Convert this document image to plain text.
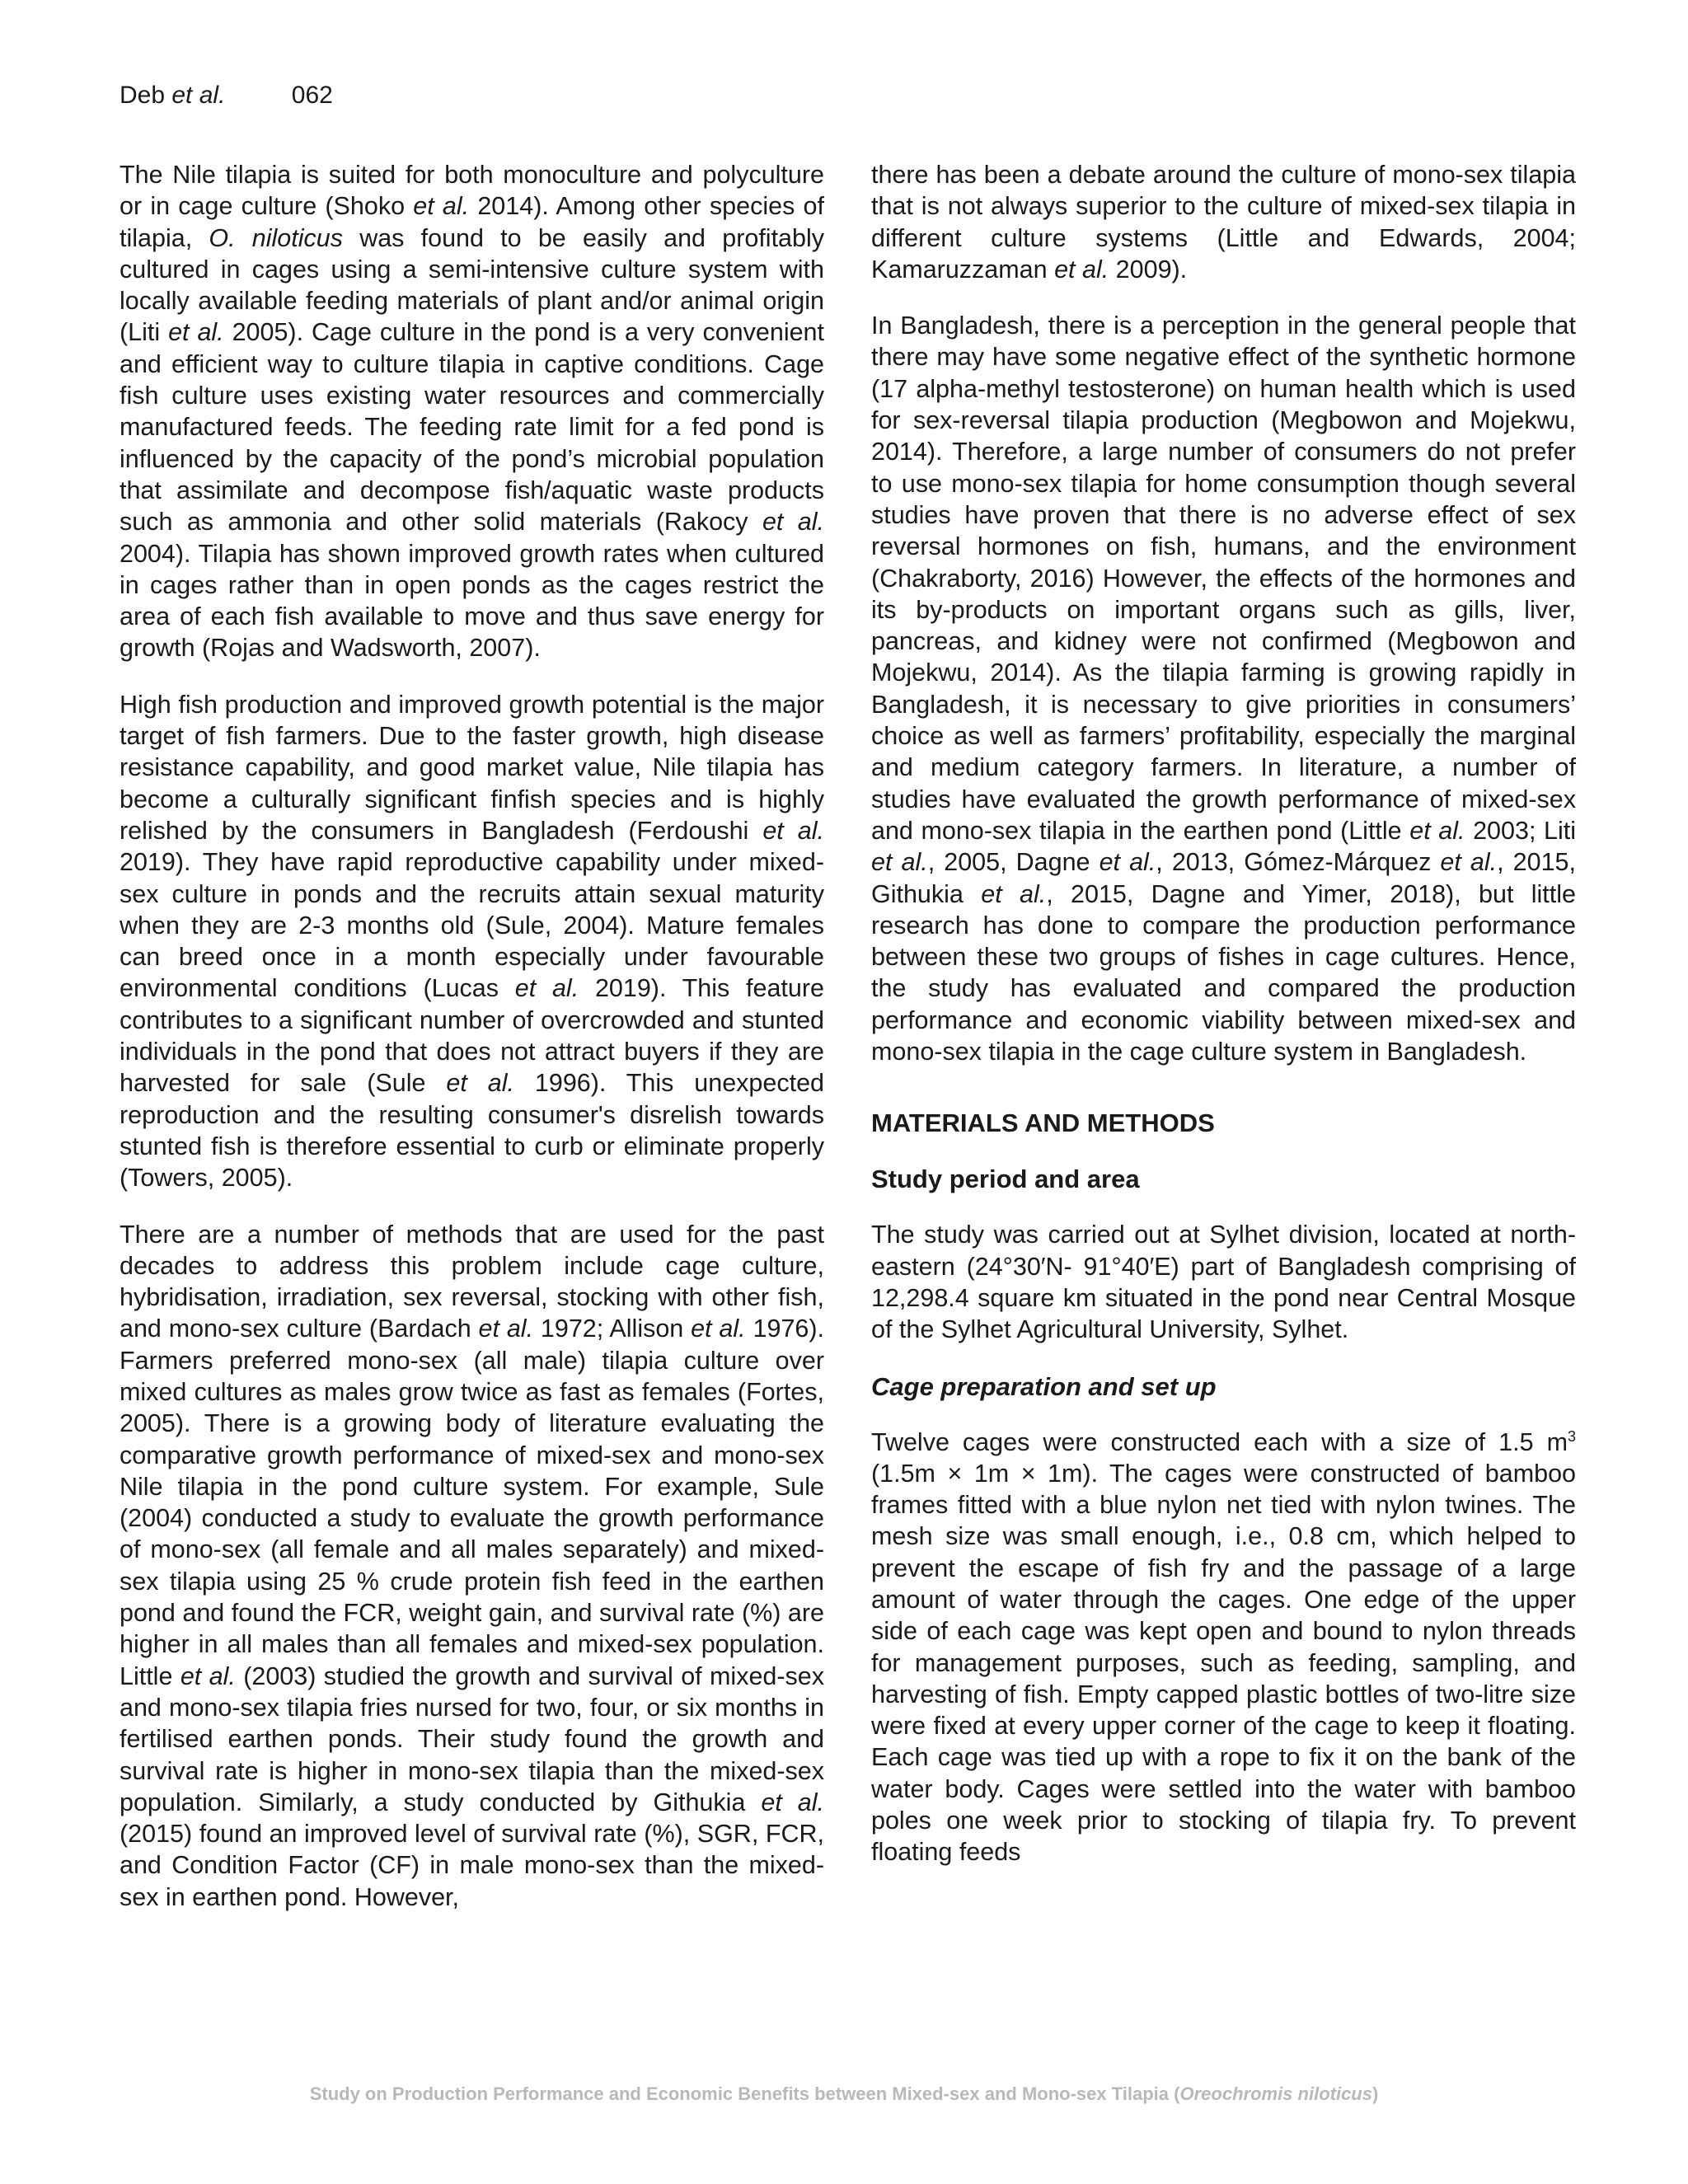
Deb et al.	062

The Nile tilapia is suited for both monoculture and polyculture or in cage culture (Shoko et al. 2014). Among other species of tilapia, O. niloticus was found to be easily and profitably cultured in cages using a semi-intensive culture system with locally available feeding materials of plant and/or animal origin (Liti et al. 2005). Cage culture in the pond is a very convenient and efficient way to culture tilapia in captive conditions. Cage fish culture uses existing water resources and commercially manufactured feeds. The feeding rate limit for a fed pond is influenced by the capacity of the pond’s microbial population that assimilate and decompose fish/aquatic waste products such as ammonia and other solid materials (Rakocy et al. 2004). Tilapia has shown improved growth rates when cultured in cages rather than in open ponds as the cages restrict the area of each fish available to move and thus save energy for growth (Rojas and Wadsworth, 2007).

High fish production and improved growth potential is the major target of fish farmers. Due to the faster growth, high disease resistance capability, and good market value, Nile tilapia has become a culturally significant finfish species and is highly relished by the consumers in Bangladesh (Ferdoushi et al. 2019). They have rapid reproductive capability under mixed-sex culture in ponds and the recruits attain sexual maturity when they are 2-3 months old (Sule, 2004). Mature females can breed once in a month especially under favourable environmental conditions (Lucas et al. 2019). This feature contributes to a significant number of overcrowded and stunted individuals in the pond that does not attract buyers if they are harvested for sale (Sule et al. 1996). This unexpected reproduction and the resulting consumer's disrelish towards stunted fish is therefore essential to curb or eliminate properly (Towers, 2005).

There are a number of methods that are used for the past decades to address this problem include cage culture, hybridisation, irradiation, sex reversal, stocking with other fish, and mono-sex culture (Bardach et al. 1972; Allison et al. 1976). Farmers preferred mono-sex (all male) tilapia culture over mixed cultures as males grow twice as fast as females (Fortes, 2005). There is a growing body of literature evaluating the comparative growth performance of mixed-sex and mono-sex Nile tilapia in the pond culture system. For example, Sule (2004) conducted a study to evaluate the growth performance of mono-sex (all female and all males separately) and mixed-sex tilapia using 25 % crude protein fish feed in the earthen pond and found the FCR, weight gain, and survival rate (%) are higher in all males than all females and mixed-sex population. Little et al. (2003) studied the growth and survival of mixed-sex and mono-sex tilapia fries nursed for two, four, or six months in fertilised earthen ponds. Their study found the growth and survival rate is higher in mono-sex tilapia than the mixed-sex population. Similarly, a study conducted by Githukia et al. (2015) found an improved level of survival rate (%), SGR, FCR, and Condition Factor (CF) in male mono-sex than the mixed-sex in earthen pond. However,

there has been a debate around the culture of mono-sex tilapia that is not always superior to the culture of mixed-sex tilapia in different culture systems (Little and Edwards, 2004; Kamaruzzaman et al. 2009).

In Bangladesh, there is a perception in the general people that there may have some negative effect of the synthetic hormone (17 alpha-methyl testosterone) on human health which is used for sex-reversal tilapia production (Megbowon and Mojekwu, 2014). Therefore, a large number of consumers do not prefer to use mono-sex tilapia for home consumption though several studies have proven that there is no adverse effect of sex reversal hormones on fish, humans, and the environment (Chakraborty, 2016) However, the effects of the hormones and its by-products on important organs such as gills, liver, pancreas, and kidney were not confirmed (Megbowon and Mojekwu, 2014). As the tilapia farming is growing rapidly in Bangladesh, it is necessary to give priorities in consumers’ choice as well as farmers’ profitability, especially the marginal and medium category farmers. In literature, a number of studies have evaluated the growth performance of mixed-sex and mono-sex tilapia in the earthen pond (Little et al. 2003; Liti et al., 2005, Dagne et al., 2013, Gómez-Márquez et al., 2015, Githukia et al., 2015, Dagne and Yimer, 2018), but little research has done to compare the production performance between these two groups of fishes in cage cultures. Hence, the study has evaluated and compared the production performance and economic viability between mixed-sex and mono-sex tilapia in the cage culture system in Bangladesh.

MATERIALS AND METHODS
Study period and area

The study was carried out at Sylhet division, located at north-eastern (24°30′N- 91°40′E) part of Bangladesh comprising of 12,298.4 square km situated in the pond near Central Mosque of the Sylhet Agricultural University, Sylhet.

Cage preparation and set up

Twelve cages were constructed each with a size of 1.5 $m^3$ (1.5m × 1m × 1m). The cages were constructed of bamboo frames fitted with a blue nylon net tied with nylon twines. The mesh size was small enough, i.e., 0.8 cm, which helped to prevent the escape of fish fry and the passage of a large amount of water through the cages. One edge of the upper side of each cage was kept open and bound to nylon threads for management purposes, such as feeding, sampling, and harvesting of fish. Empty capped plastic bottles of two-litre size were fixed at every upper corner of the cage to keep it floating. Each cage was tied up with a rope to fix it on the bank of the water body. Cages were settled into the water with bamboo poles one week prior to stocking of tilapia fry. To prevent floating feeds

Study on Production Performance and Economic Benefits between Mixed-sex and Mono-sex Tilapia (Oreochromis niloticus)
